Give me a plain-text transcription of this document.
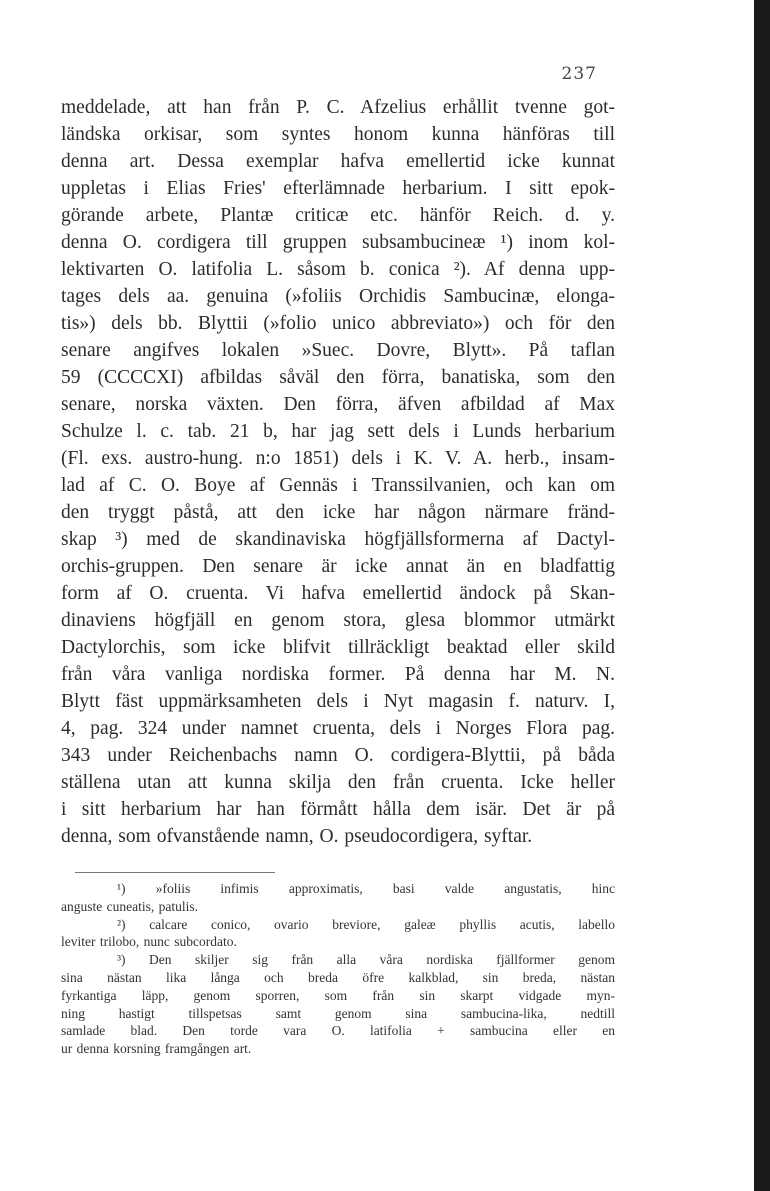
237
meddelade, att han från P. C. Afzelius erhållit tvenne got-
ländska orkisar, som syntes honom kunna hänföras till
denna art. Dessa exemplar hafva emellertid icke kunnat
uppletas i Elias Fries' efterlämnade herbarium. I sitt epok-
görande arbete, Plantæ criticæ etc. hänför Reich. d. y.
denna O. cordigera till gruppen subsambucineæ ¹) inom kol-
lektivarten O. latifolia L. såsom b. conica ²). Af denna upp-
tages dels aa. genuina (»foliis Orchidis Sambucinæ, elonga-
tis») dels bb. Blyttii (»folio unico abbreviato») och för den
senare angifves lokalen »Suec. Dovre, Blytt». På taflan
59 (CCCCXI) afbildas såväl den förra, banatiska, som den
senare, norska växten. Den förra, äfven afbildad af Max
Schulze l. c. tab. 21 b, har jag sett dels i Lunds herbarium
(Fl. exs. austro-hung. n:o 1851) dels i K. V. A. herb., insam-
lad af C. O. Boye af Gennäs i Transsilvanien, och kan om
den tryggt påstå, att den icke har någon närmare fränd-
skap ³) med de skandinaviska högfjällsformerna af Dactyl-
orchis-gruppen. Den senare är icke annat än en bladfattig
form af O. cruenta. Vi hafva emellertid ändock på Skan-
dinaviens högfjäll en genom stora, glesa blommor utmärkt
Dactylorchis, som icke blifvit tillräckligt beaktad eller skild
från våra vanliga nordiska former. På denna har M. N.
Blytt fäst uppmärksamheten dels i Nyt magasin f. naturv. I,
4, pag. 324 under namnet cruenta, dels i Norges Flora pag.
343 under Reichenbachs namn O. cordigera-Blyttii, på båda
ställena utan att kunna skilja den från cruenta. Icke heller
i sitt herbarium har han förmått hålla dem isär. Det är på
denna, som ofvanstående namn, O. pseudocordigera, syftar.
¹) »foliis infimis approximatis, basi valde angustatis, hinc
anguste cuneatis, patulis.
²) calcare conico, ovario breviore, galeæ phyllis acutis, labello
leviter trilobo, nunc subcordato.
³) Den skiljer sig från alla våra nordiska fjällformer genom
sina nästan lika långa och breda öfre kalkblad, sin breda, nästan
fyrkantiga läpp, genom sporren, som från sin skarpt vidgade myn-
ning hastigt tillspetsas samt genom sina sambucina-lika, nedtill
samlade blad. Den torde vara O. latifolia + sambucina eller en
ur denna korsning framgången art.
